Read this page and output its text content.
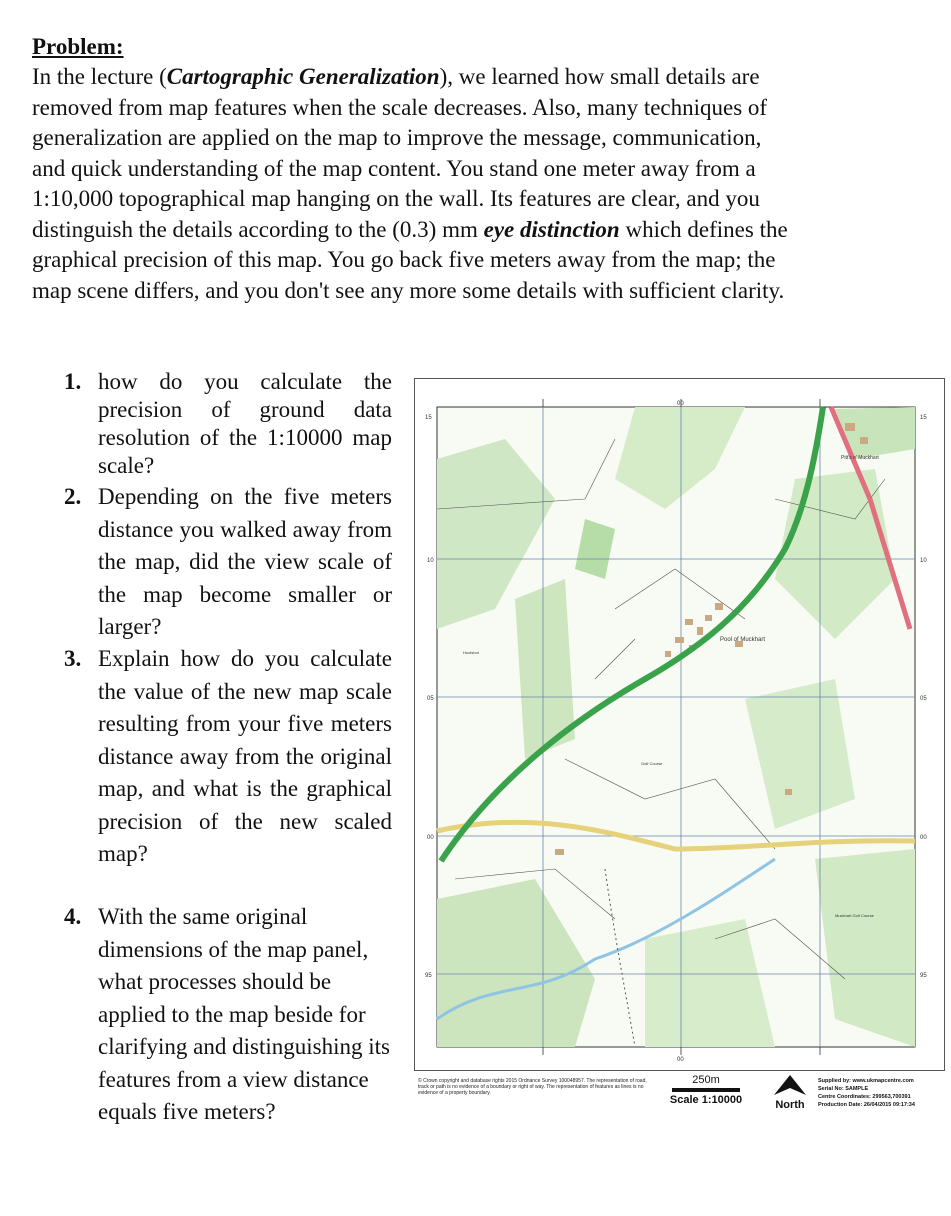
Problem:

In the lecture (Cartographic Generalization), we learned how small details are removed from map features when the scale decreases. Also, many techniques of generalization are applied on the map to improve the message, communication, and quick understanding of the map content. You stand one meter away from a 1:10,000 topographical map hanging on the wall. Its features are clear, and you distinguish the details according to the (0.3) mm eye distinction which defines the graphical precision of this map. You go back five meters away from the map; the map scene differs, and you don't see any more some details with sufficient clarity.

1. how do you calculate the precision of ground data resolution of the 1:10000 map scale?
2. Depending on the five meters distance you walked away from the map, did the view scale of the map become smaller or larger?
3. Explain how do you calculate the value of the new map scale resulting from your five meters distance away from the original map, and what is the graphical precision of the new scaled map?
4. With the same original dimensions of the map panel, what processes should be applied to the map beside for clarifying and distinguishing its features from a view distance equals five meters?
00
00
15
10
05
00
95
15
10
05
00
95
Pool of Muckhart
Pitt's o' Muckhart
Golf Course
Muckhart Golf Course
Hoolshot
© Crown copyright and database rights 2015 Ordnance Survey 100048957. The representation of road, track or path is no evidence of a boundary or right of way. The representation of features as lines is no evidence of a property boundary.
250m
Scale 1:10000	North
Supplied by: www.ukmapcentre.com
Serial No: SAMPLE
Centre Coordinates: 299563,700391
Production Date: 26/04/2015 09:17:34
